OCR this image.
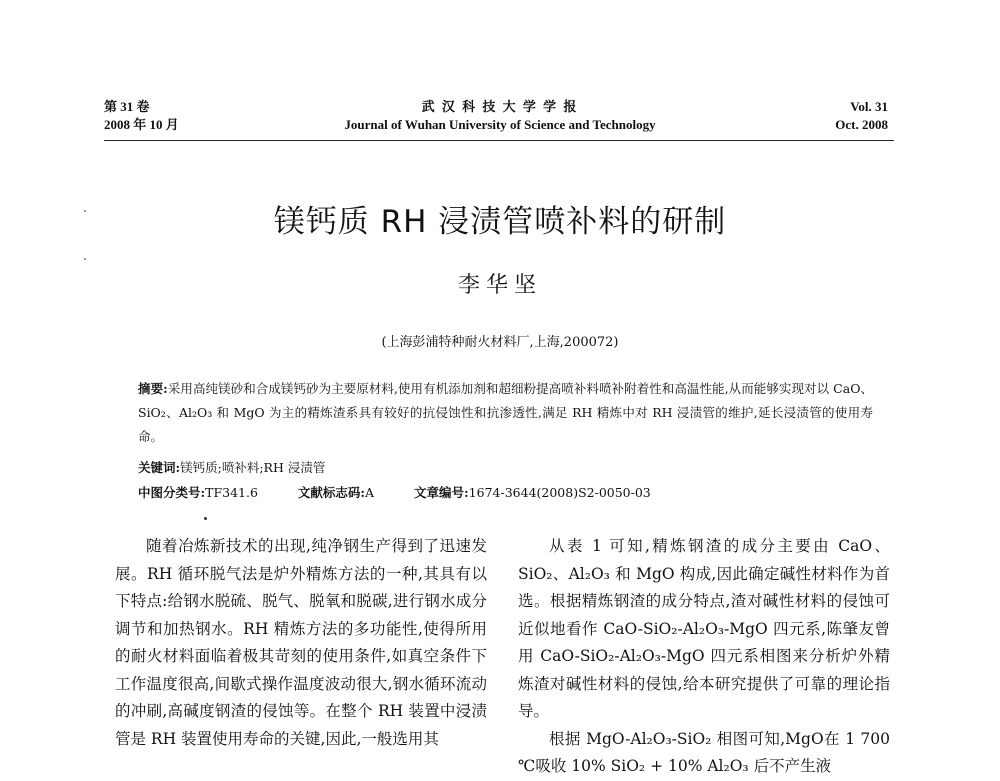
第 31 卷
2008 年 10 月
武 汉 科 技 大 学 学 报
Journal of Wuhan University of Science and Technology
Vol. 31
Oct. 2008
镁钙质 RH 浸渍管喷补料的研制
李华坚
(上海彭浦特种耐火材料厂,上海,200072)
摘要:采用高纯镁砂和合成镁钙砂为主要原材料,使用有机添加剂和超细粉提高喷补料喷补附着性和高温性能,从而能够实现对以 CaO、SiO₂、Al₂O₃ 和 MgO 为主的精炼渣系具有较好的抗侵蚀性和抗渗透性,满足 RH 精炼中对 RH 浸渍管的维护,延长浸渍管的使用寿命。
关键词:镁钙质;喷补料;RH 浸渍管
中图分类号:TF341.6	文献标志码:A	文章编号:1674-3644(2008)S2-0050-03

随着冶炼新技术的出现,纯净钢生产得到了迅速发展。RH 循环脱气法是炉外精炼方法的一种,其具有以下特点:给钢水脱硫、脱气、脱氧和脱碳,进行钢水成分调节和加热钢水。RH 精炼方法的多功能性,使得所用的耐火材料面临着极其苛刻的使用条件,如真空条件下工作温度很高,间歇式操作温度波动很大,钢水循环流动的冲刷,高碱度钢渣的侵蚀等。在整个 RH 装置中浸渍管是 RH 装置使用寿命的关键,因此,一般选用其

从表 1 可知,精炼钢渣的成分主要由 CaO、SiO₂、Al₂O₃ 和 MgO 构成,因此确定碱性材料作为首选。根据精炼钢渣的成分特点,渣对碱性材料的侵蚀可近似地看作 CaO-SiO₂-Al₂O₃-MgO 四元系,陈肇友曾用 CaO-SiO₂-Al₂O₃-MgO 四元系相图来分析炉外精炼渣对碱性材料的侵蚀,给本研究提供了可靠的理论指导。

根据 MgO-Al₂O₃-SiO₂ 相图可知,MgO在 1 700 ℃吸收 10% SiO₂ + 10% Al₂O₃ 后不产生液
